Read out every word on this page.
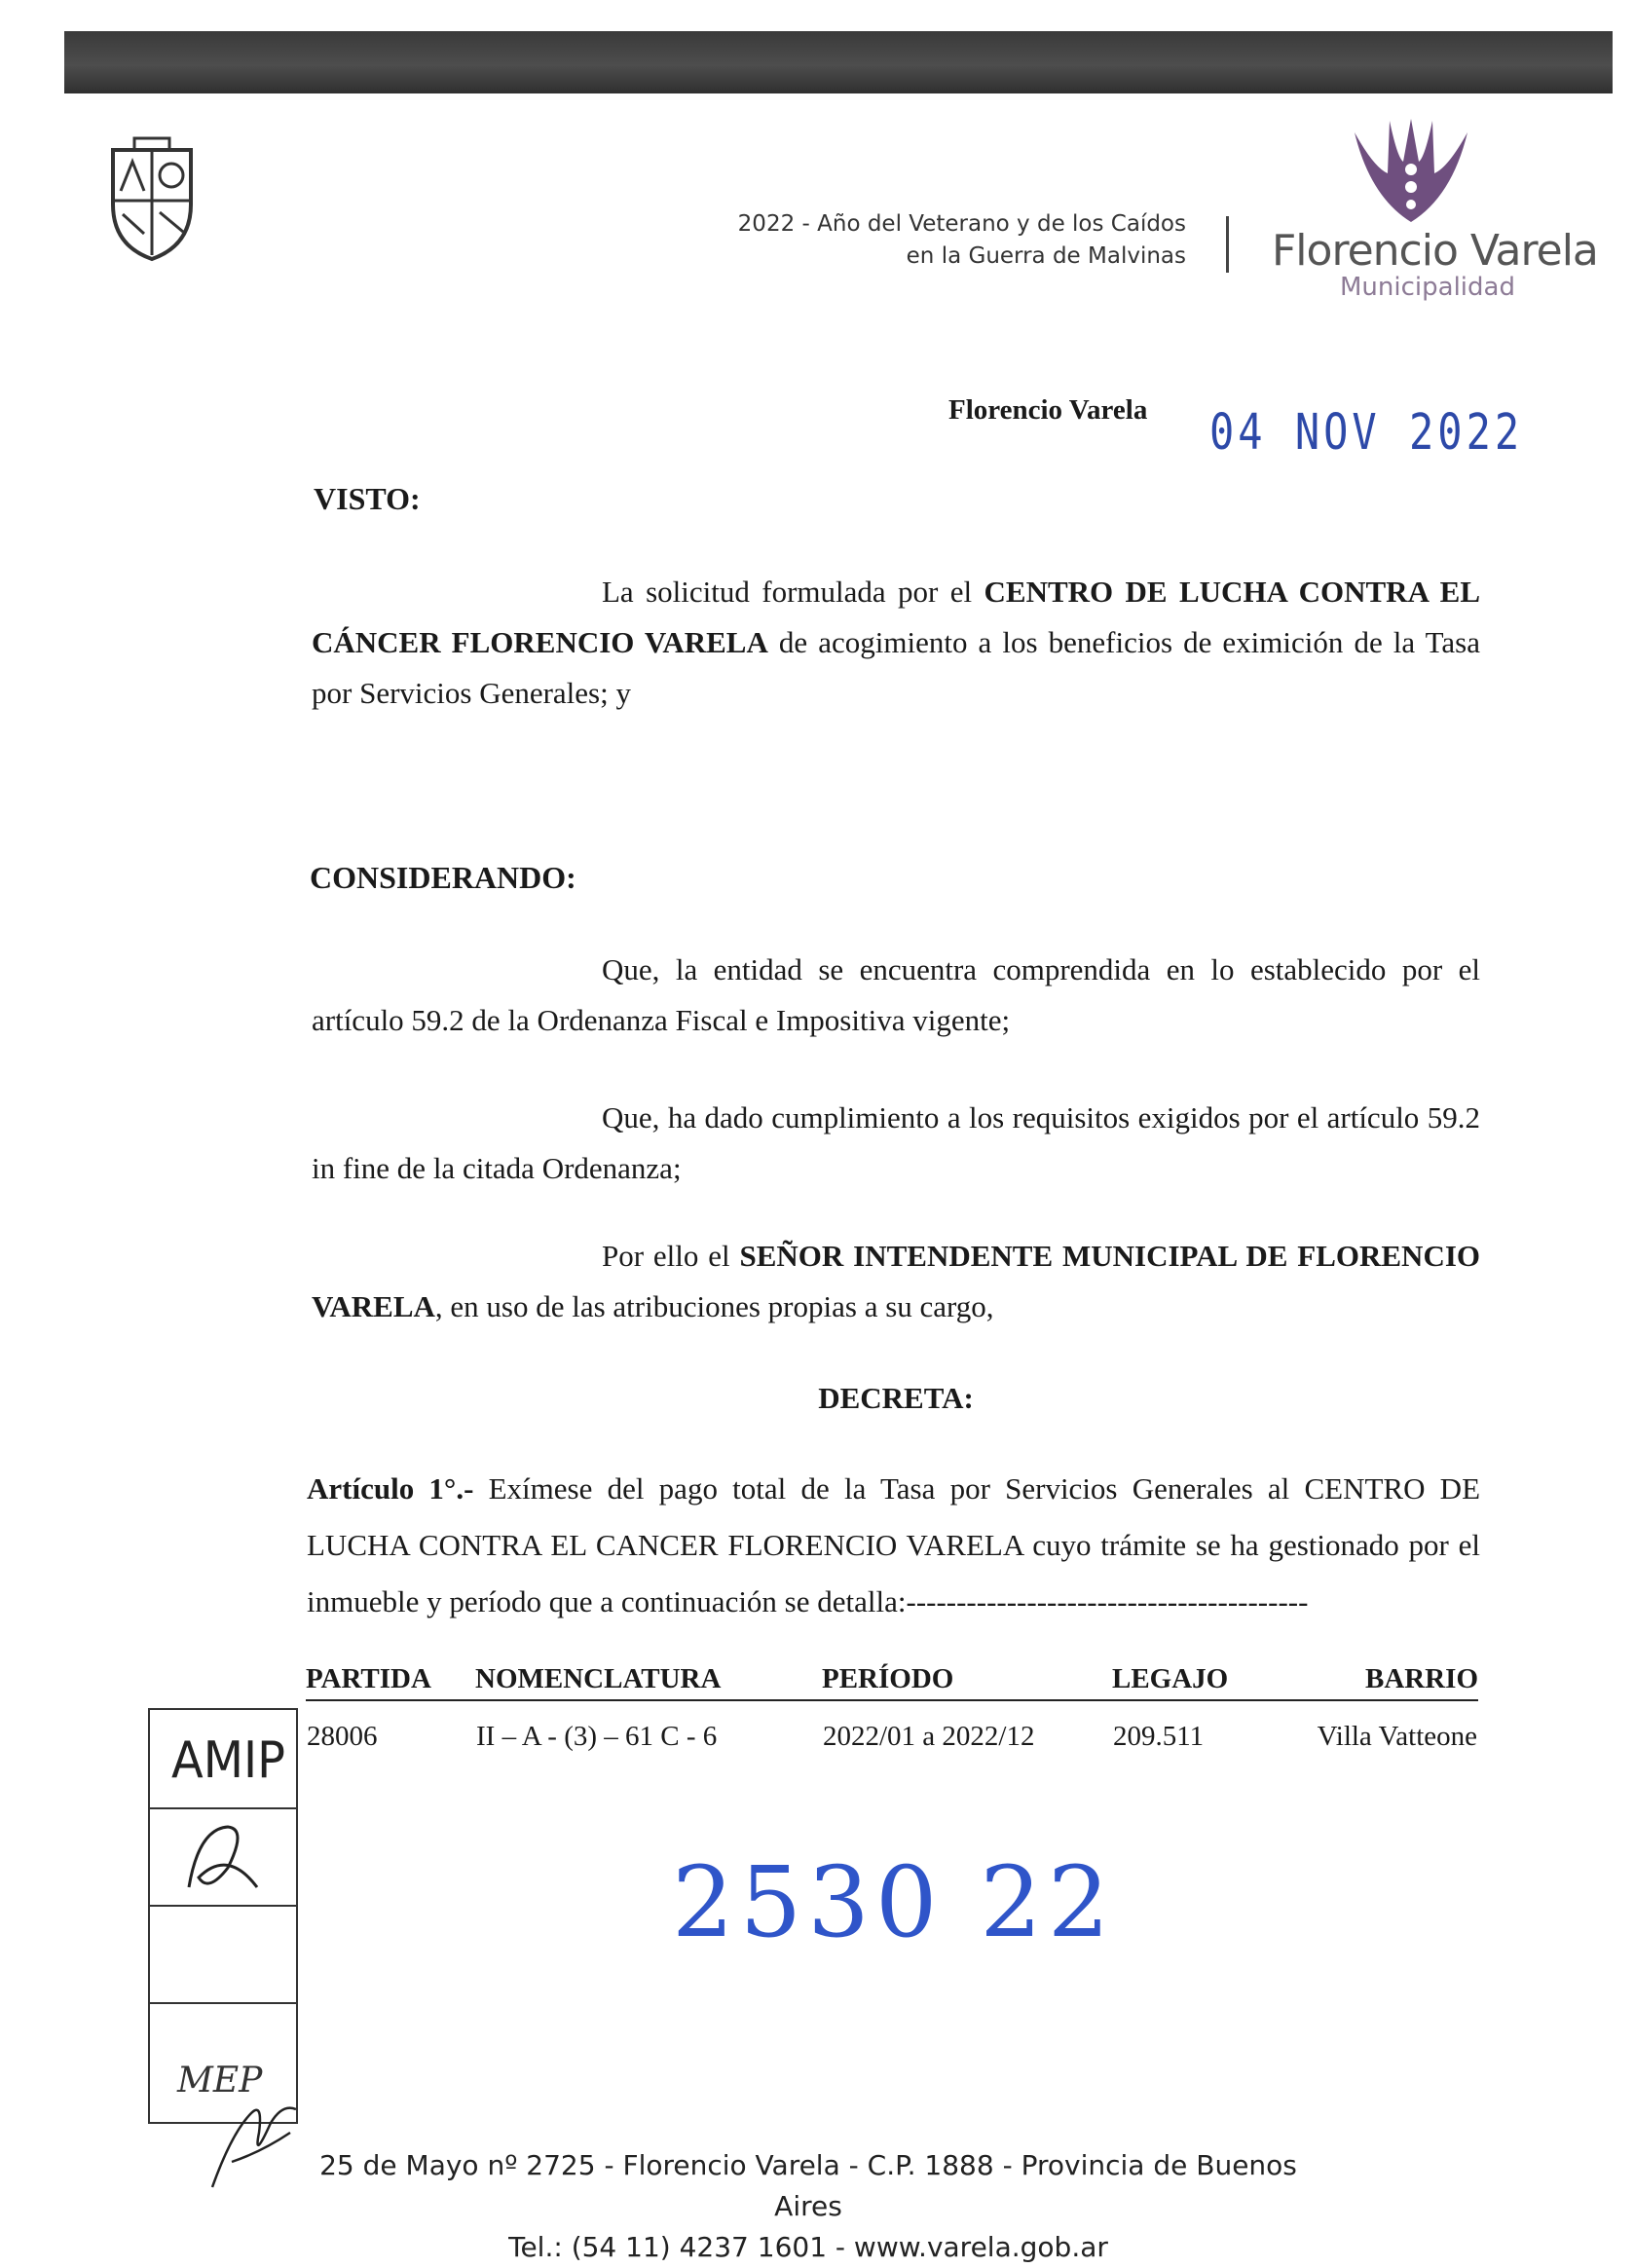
2022 - Año del Veterano y de los Caídos
en la Guerra de Malvinas Florencio Varela
Municipalidad
Florencio Varela 04 NOV 2022
VISTO:
La solicitud formulada por el CENTRO DE LUCHA CONTRA EL CÁNCER FLORENCIO VARELA de acogimiento a los beneficios de eximición de la Tasa por Servicios Generales; y
CONSIDERANDO:
Que, la entidad se encuentra comprendida en lo establecido por el artículo 59.2 de la Ordenanza Fiscal e Impositiva vigente;
Que, ha dado cumplimiento a los requisitos exigidos por el artículo 59.2 in fine de la citada Ordenanza;
Por ello el SEÑOR INTENDENTE MUNICIPAL DE FLORENCIO VARELA, en uso de las atribuciones propias a su cargo,
DECRETA:
Artículo 1°.- Exímese del pago total de la Tasa por Servicios Generales al CENTRO DE LUCHA CONTRA EL CANCER FLORENCIO VARELA cuyo trámite se ha gestionado por el inmueble y período que a continuación se detalla:----------------------------------------
PARTIDA	NOMENCLATURA	PERÍODO	LEGAJO	BARRIO
28006	II – A - (3) – 61 C - 6	2022/01 a 2022/12	209.511	Villa Vatteone
AMIP
MEP
2530 22
25 de Mayo nº 2725 - Florencio Varela - C.P. 1888 - Provincia de Buenos Aires
Tel.: (54 11) 4237 1601 - www.varela.gob.ar
